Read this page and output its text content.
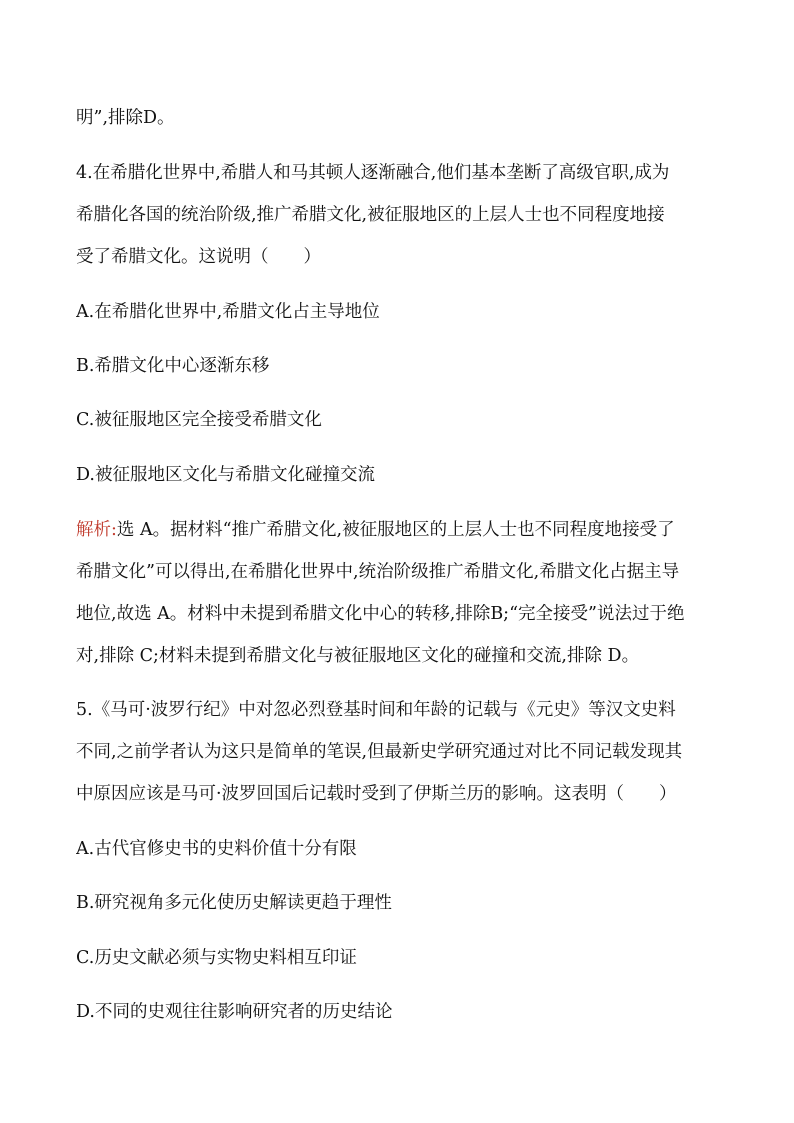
明”,排除D。
4.在希腊化世界中,希腊人和马其顿人逐渐融合,他们基本垄断了高级官职,成为
希腊化各国的统治阶级,推广希腊文化,被征服地区的上层人士也不同程度地接
受了希腊文化。这说明（　　）
A.在希腊化世界中,希腊文化占主导地位
B.希腊文化中心逐渐东移
C.被征服地区完全接受希腊文化
D.被征服地区文化与希腊文化碰撞交流
解析:选 A。据材料“推广希腊文化,被征服地区的上层人士也不同程度地接受了
希腊文化”可以得出,在希腊化世界中,统治阶级推广希腊文化,希腊文化占据主导
地位,故选 A。材料中未提到希腊文化中心的转移,排除B;“完全接受”说法过于绝
对,排除 C;材料未提到希腊文化与被征服地区文化的碰撞和交流,排除 D。
5.《马可·波罗行纪》中对忽必烈登基时间和年龄的记载与《元史》等汉文史料
不同,之前学者认为这只是简单的笔误,但最新史学研究通过对比不同记载发现其
中原因应该是马可·波罗回国后记载时受到了伊斯兰历的影响。这表明（　　）
A.古代官修史书的史料价值十分有限
B.研究视角多元化使历史解读更趋于理性
C.历史文献必须与实物史料相互印证
D.不同的史观往往影响研究者的历史结论
